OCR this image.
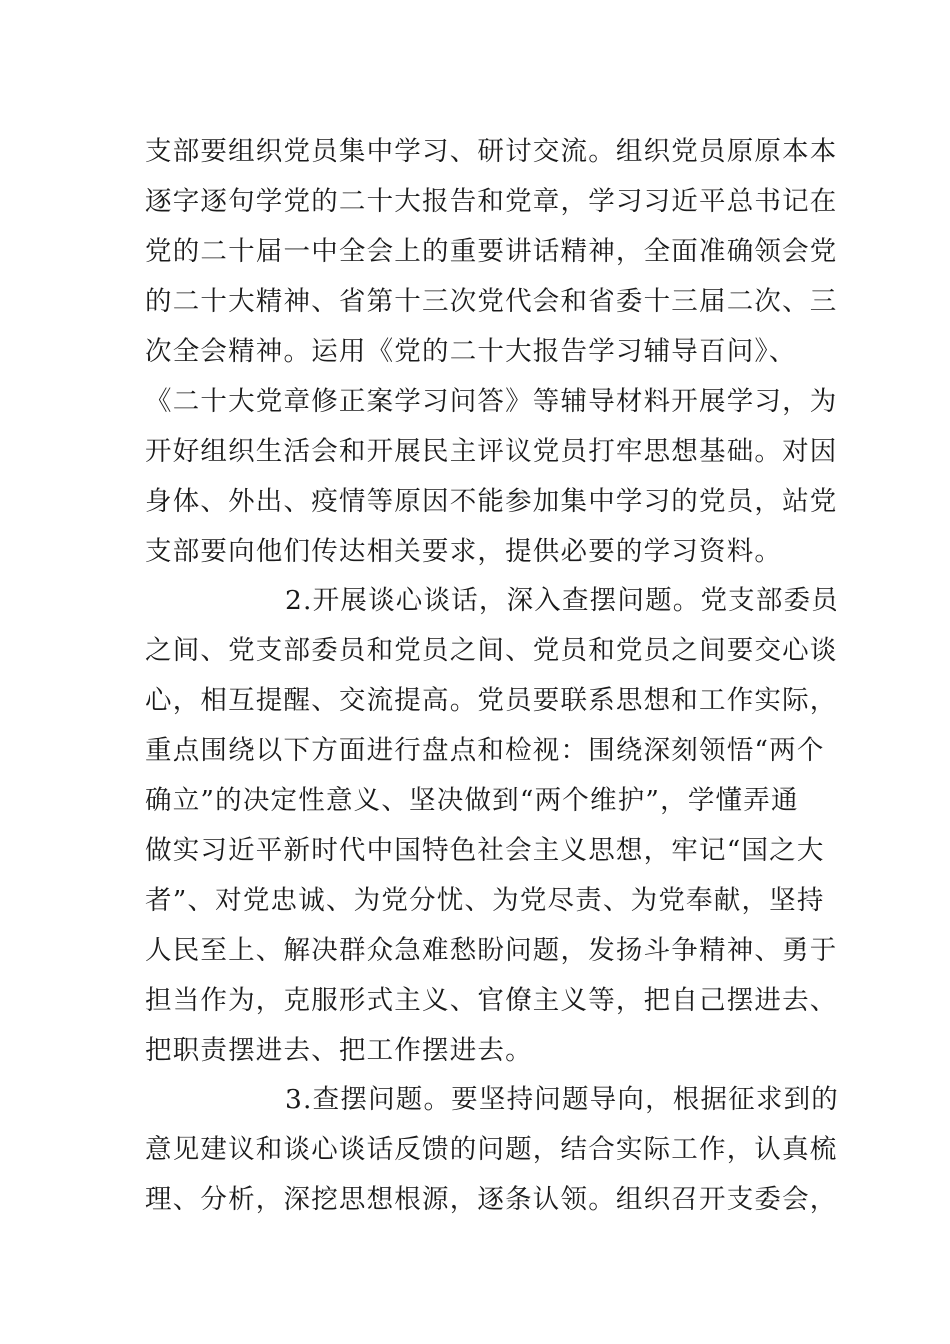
支部要组织党员集中学习、研讨交流。组织党员原原本本
逐字逐句学党的二十大报告和党章，学习习近平总书记在
党的二十届一中全会上的重要讲话精神，全面准确领会党
的二十大精神、省第十三次党代会和省委十三届二次、三
次全会精神。运用《党的二十大报告学习辅导百问》、
《二十大党章修正案学习问答》等辅导材料开展学习，为
开好组织生活会和开展民主评议党员打牢思想基础。对因
身体、外出、疫情等原因不能参加集中学习的党员，站党
支部要向他们传达相关要求，提供必要的学习资料。
2.开展谈心谈话，深入查摆问题。党支部委员
之间、党支部委员和党员之间、党员和党员之间要交心谈
心，相互提醒、交流提高。党员要联系思想和工作实际，
重点围绕以下方面进行盘点和检视：围绕深刻领悟“两个
确立”的决定性意义、坚决做到“两个维护”，学懂弄通
做实习近平新时代中国特色社会主义思想，牢记“国之大
者”、对党忠诚、为党分忧、为党尽责、为党奉献，坚持
人民至上、解决群众急难愁盼问题，发扬斗争精神、勇于
担当作为，克服形式主义、官僚主义等，把自己摆进去、
把职责摆进去、把工作摆进去。
3.查摆问题。要坚持问题导向，根据征求到的
意见建议和谈心谈话反馈的问题，结合实际工作，认真梳
理、分析，深挖思想根源，逐条认领。组织召开支委会，
